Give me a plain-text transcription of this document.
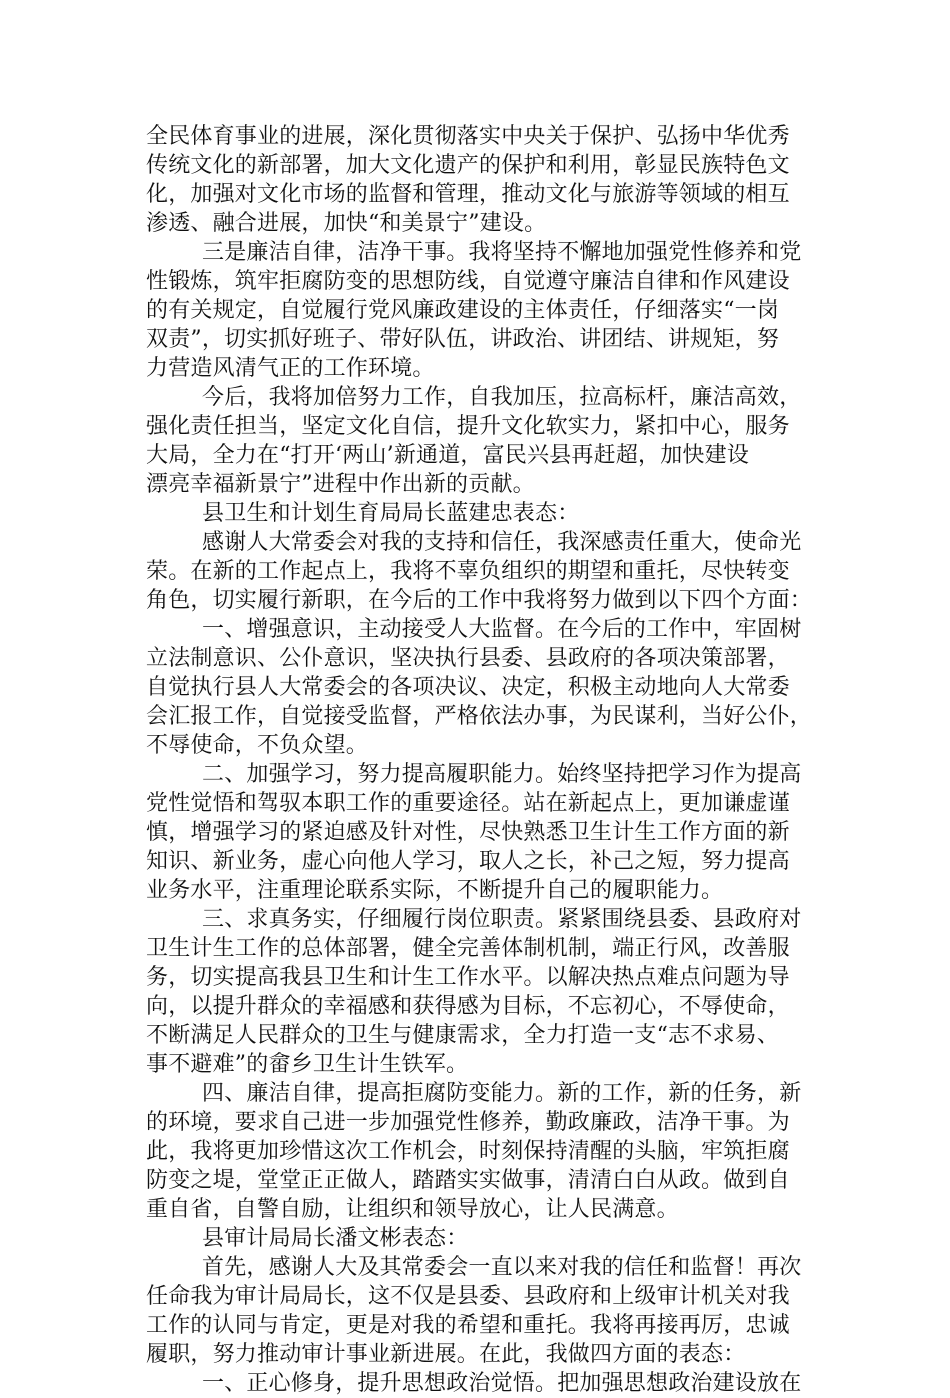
全民体育事业的进展，深化贯彻落实中央关于保护、弘扬中华优秀
传统文化的新部署，加大文化遗产的保护和利用，彰显民族特色文
化，加强对文化市场的监督和管理，推动文化与旅游等领域的相互
渗透、融合进展，加快“和美景宁”建设。
三是廉洁自律，洁净干事。我将坚持不懈地加强党性修养和党
性锻炼，筑牢拒腐防变的思想防线，自觉遵守廉洁自律和作风建设
的有关规定，自觉履行党风廉政建设的主体责任，仔细落实“一岗
双责”，切实抓好班子、带好队伍，讲政治、讲团结、讲规矩，努
力营造风清气正的工作环境。
今后，我将加倍努力工作，自我加压，拉高标杆，廉洁高效，
强化责任担当，坚定文化自信，提升文化软实力，紧扣中心，服务
大局，全力在“打开‘两山’新通道，富民兴县再赶超，加快建设
漂亮幸福新景宁”进程中作出新的贡献。
县卫生和计划生育局局长蓝建忠表态：
感谢人大常委会对我的支持和信任，我深感责任重大，使命光
荣。在新的工作起点上，我将不辜负组织的期望和重托，尽快转变
角色，切实履行新职，在今后的工作中我将努力做到以下四个方面：
一、增强意识，主动接受人大监督。在今后的工作中，牢固树
立法制意识、公仆意识，坚决执行县委、县政府的各项决策部署，
自觉执行县人大常委会的各项决议、决定，积极主动地向人大常委
会汇报工作，自觉接受监督，严格依法办事，为民谋利，当好公仆，
不辱使命，不负众望。
二、加强学习，努力提高履职能力。始终坚持把学习作为提高
党性觉悟和驾驭本职工作的重要途径。站在新起点上，更加谦虚谨
慎，增强学习的紧迫感及针对性，尽快熟悉卫生计生工作方面的新
知识、新业务，虚心向他人学习，取人之长，补己之短，努力提高
业务水平，注重理论联系实际，不断提升自己的履职能力。
三、求真务实，仔细履行岗位职责。紧紧围绕县委、县政府对
卫生计生工作的总体部署，健全完善体制机制，端正行风，改善服
务，切实提高我县卫生和计生工作水平。以解决热点难点问题为导
向，以提升群众的幸福感和获得感为目标，不忘初心，不辱使命，
不断满足人民群众的卫生与健康需求，全力打造一支“志不求易、
事不避难”的畲乡卫生计生铁军。
四、廉洁自律，提高拒腐防变能力。新的工作，新的任务，新
的环境，要求自己进一步加强党性修养，勤政廉政，洁净干事。为
此，我将更加珍惜这次工作机会，时刻保持清醒的头脑，牢筑拒腐
防变之堤，堂堂正正做人，踏踏实实做事，清清白白从政。做到自
重自省，自警自励，让组织和领导放心，让人民满意。
县审计局局长潘文彬表态：
首先，感谢人大及其常委会一直以来对我的信任和监督！再次
任命我为审计局局长，这不仅是县委、县政府和上级审计机关对我
工作的认同与肯定，更是对我的希望和重托。我将再接再厉，忠诚
履职，努力推动审计事业新进展。在此，我做四方面的表态：
一、正心修身，提升思想政治觉悟。把加强思想政治建设放在
